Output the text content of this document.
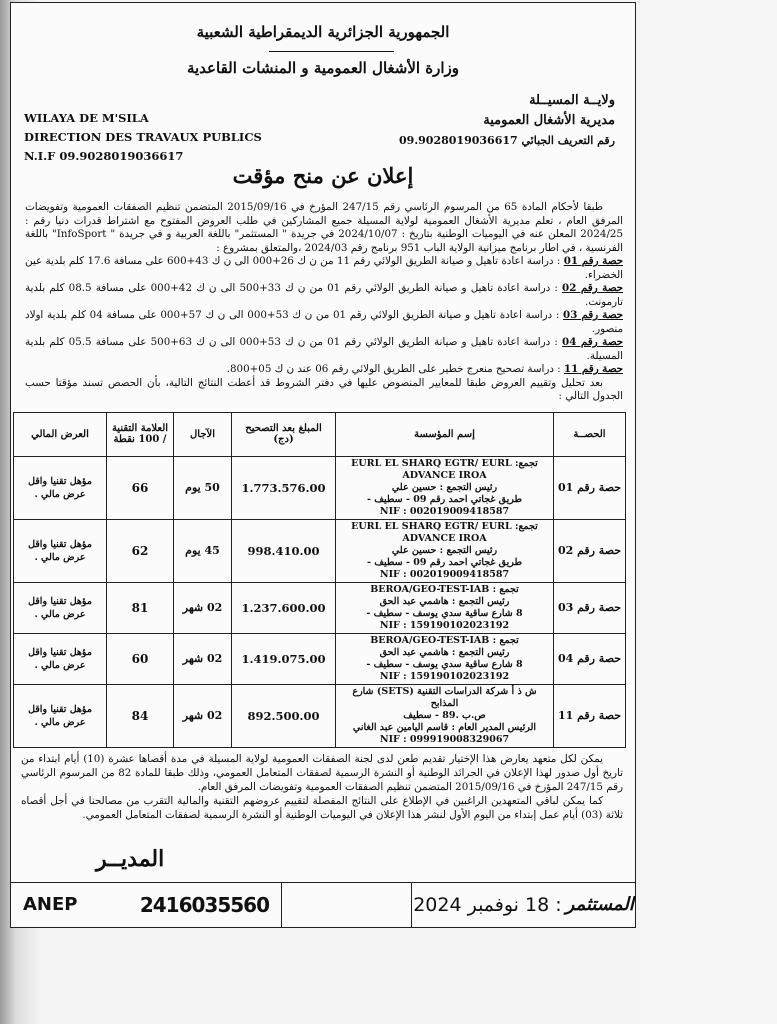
الجمهورية الجزائرية الديمقراطية الشعبية
وزارة الأشغال العمومية و المنشات القاعدية
WILAYA DE M'SILA
DIRECTION DES TRAVAUX PUBLICS
N.I.F 09.9028019036617
ولايــة المسيــلة
مديرية الأشغال العمومية
رقم التعريف الجبائي 09.9028019036617
إعلان عن منح مؤقت
طبقا لأحكام المادة 65 من المرسوم الرئاسي رقم 247/15 المؤرخ في 2015/09/16 المتضمن تنظيم الصفقات العمومية وتفويضات المرفق العام ، تعلم مديرية الأشغال العمومية لولاية المسيلة جميع المشاركين في طلب العروض المفتوح مع اشتراط قدرات دنيا رقم : 2024/25 المعلن عنه في اليوميات الوطنية بتاريخ : 2024/10/07 في جريدة " المستثمر" باللغة العربية و في جريدة " InfoSport" باللغة الفرنسية ، في اطار برنامج ميزانية الولاية الباب 951 برنامج رقم 2024/03 ،والمتعلق بمشروع :
حصة رقم 01 : دراسة اعادة تاهيل و صيانة الطريق الولائي رقم 11 من ن ك 26+000 الى ن ك 43+600 على مسافة 17.6 كلم بلدية عين الخضراء.
حصة رقم 02 : دراسة اعادة تاهيل و صيانة الطريق الولائي رقم 01 من ن ك 33+500 الى ن ك 42+000 على مسافة 08.5 كلم بلدية تارمونت.
حصة رقم 03 : دراسة اعادة تاهيل و صيانة الطريق الولائي رقم 01 من ن ك 53+000 الى ن ك 57+000 على مسافة 04 كلم بلدية اولاد منصور.
حصة رقم 04 : دراسة اعادة تاهيل و صيانة الطريق الولائي رقم 01 من ن ك 53+000 الى ن ك 63+500 على مسافة 05.5 كلم بلدية المسيلة.
حصة رقم 11 : دراسة تصحيح منعرج خطير على الطريق الولائي رقم 06 عند ن ك 05+800.
بعد تحليل وتقييم العروض طبقا للمعايير المنصوص عليها في دفتر الشروط قد أعطت النتائج التالية، بأن الحصص تسند مؤقتا حسب الجدول التالي :
الحصــة	إسم المؤسسة	المبلغ بعد التصحيح (دج)	الآجال	العلامة التقنية / 100 نقطة	العرض المالي
حصة رقم 01	تجمع: EURL EL SHARQ EGTR/ EURL ADVANCE IROA
رئيس التجمع : حسين علي
طريق غجاتي احمد رقم 09 - سطيف -
NIF : 002019009418587	1.773.576.00	50 يوم	66	مؤهل تقنيا واقل عرض مالي .
حصة رقم 02	تجمع: EURL EL SHARQ EGTR/ EURL ADVANCE IROA
رئيس التجمع : حسين علي
طريق غجاتي احمد رقم 09 - سطيف -
NIF : 002019009418587	998.410.00	45 يوم	62	مؤهل تقنيا واقل عرض مالي .
حصة رقم 03	تجمع : BEROA/GEO-TEST-IAB
رئيس التجمع : هاشمي عبد الحق
8 شارع ساقية سدي يوسف - سطيف -
NIF : 159190102023192	1.237.600.00	02 شهر	81	مؤهل تقنيا واقل عرض مالي .
حصة رقم 04	تجمع : BEROA/GEO-TEST-IAB
رئيس التجمع : هاشمي عبد الحق
8 شارع ساقية سدي يوسف - سطيف -
NIF : 159190102023192	1.419.075.00	02 شهر	60	مؤهل تقنيا واقل عرض مالي .
حصة رقم 11	ش ذ أ شركة الدراسات التقنية (SETS) شارع المذابح
ص.ب .89 - سطيف
الرئيس المدير العام : قاسم اليامين عبد الغاني
NIF : 099919008329067	892.500.00	02 شهر	84	مؤهل تقنيا واقل عرض مالي .
يمكن لكل متعهد يعارض هذا الإختيار تقديم طعن لدى لجنة الصفقات العمومية لولاية المسيلة في مدة أقصاها عشرة (10) أيام ابتداء من تاريخ أول صدور لهذا الإعلان في الجرائد الوطنية أو النشرة الرسمية لصفقات المتعامل العمومي، وذلك طبقا للمادة 82 من المرسوم الرئاسي رقم 247/15 المؤرخ في 2015/09/16 المتضمن تنظيم الصفقات العمومية وتفويضات المرفق العام.
كما يمكن لباقي المتعهدين الراغبين في الإطلاع على النتائج المفصلة لتقييم عروضهم التقنية والمالية التقرب من مصالحنا في أجل أقصاه ثلاثة (03) أيام عمل إبتداء من اليوم الأول لنشر هذا الإعلان في اليوميات الوطنية أو النشرة الرسمية لصفقات المتعامل العمومي.
المديــر
ANEP	2416035560	المستثمر
: 18 نوفمبر 2024
